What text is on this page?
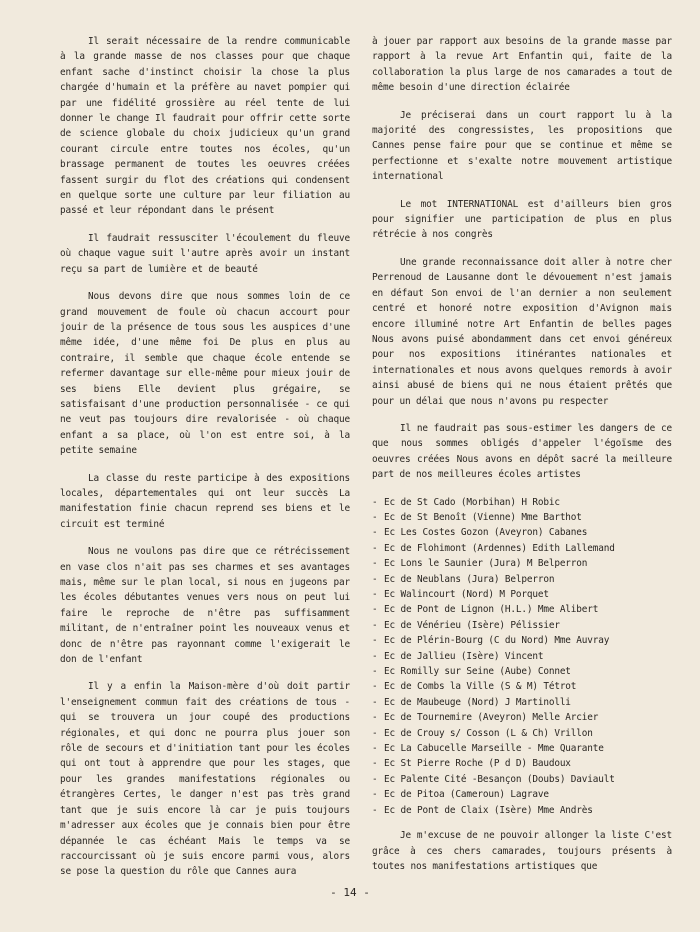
Il serait nécessaire de la rendre communicable à la grande masse de nos classes pour que chaque enfant sache d'instinct choisir la chose la plus chargée d'humain et la préfère au navet pompier qui par une fidélité grossière au réel tente de lui donner le change Il faudrait pour offrir cette sorte de science globale du choix judicieux qu'un grand courant circule entre toutes nos écoles, qu'un brassage permanent de toutes les oeuvres créées fassent surgir du flot des créations qui condensent en quelque sorte une culture par leur filiation au passé et leur répondant dans le présent

Il faudrait ressusciter l'écoulement du fleuve où chaque vague suit l'autre après avoir un instant reçu sa part de lumière et de beauté

Nous devons dire que nous sommes loin de ce grand mouvement de foule où chacun accourt pour jouir de la présence de tous sous les auspices d'une même idée, d'une même foi De plus en plus au contraire, il semble que chaque école entende se refermer davantage sur elle-même pour mieux jouir de ses biens Elle devient plus grégaire, se satisfaisant d'une production personnalisée - ce qui ne veut pas toujours dire revalorisée - où chaque enfant a sa place, où l'on est entre soi, à la petite semaine

La classe du reste participe à des expositions locales, départementales qui ont leur succès La manifestation finie chacun reprend ses biens et le circuit est terminé

Nous ne voulons pas dire que ce rétrécissement en vase clos n'ait pas ses charmes et ses avantages mais, même sur le plan local, si nous en jugeons par les écoles débutantes venues vers nous on peut lui faire le reproche de n'être pas suffisamment militant, de n'entraîner point les nouveaux venus et donc de n'être pas rayonnant comme l'exigerait le don de l'enfant

Il y a enfin la Maison-mère d'où doit partir l'enseignement commun fait des créations de tous - qui se trouvera un jour coupé des productions régionales, et qui donc ne pourra plus jouer son rôle de secours et d'initiation tant pour les écoles qui ont tout à apprendre que pour les stages, que pour les grandes manifestations régionales ou étrangères Certes, le danger n'est pas très grand tant que je suis encore là car je puis toujours m'adresser aux écoles que je connais bien pour être dépannée le cas échéant Mais le temps va se raccourcissant où je suis encore parmi vous, alors se pose la question du rôle que Cannes aura

à jouer par rapport aux besoins de la grande masse par rapport à la revue Art Enfantin qui, faite de la collaboration la plus large de nos camarades a tout de même besoin d'une direction éclairée

Je préciserai dans un court rapport lu à la majorité des congressistes, les propositions que Cannes pense faire pour que se continue et même se perfectionne et s'exalte notre mouvement artistique international

Le mot INTERNATIONAL est d'ailleurs bien gros pour signifier une participation de plus en plus rétrécie à nos congrès

Une grande reconnaissance doit aller à notre cher Perrenoud de Lausanne dont le dévouement n'est jamais en défaut Son envoi de l'an dernier a non seulement centré et honoré notre exposition d'Avignon mais encore illuminé notre Art Enfantin de belles pages Nous avons puisé abondamment dans cet envoi généreux pour nos expositions itinérantes nationales et internationales et nous avons quelques remords à avoir ainsi abusé de biens qui ne nous étaient prêtés que pour un délai que nous n'avons pu respecter

Il ne faudrait pas sous-estimer les dangers de ce que nous sommes obligés d'appeler l'égoïsme des oeuvres créées Nous avons en dépôt sacré la meilleure part de nos meilleures écoles artistes

- Ec de St Cado (Morbihan) H Robic
- Ec de St Benoît (Vienne) Mme Barthot
- Ec Les Costes Gozon (Aveyron) Cabanes
- Ec de Flohimont (Ardennes) Edith Lallemand
- Ec Lons le Saunier (Jura) M Belperron
- Ec de Neublans (Jura) Belperron
- Ec Walincourt (Nord) M Porquet
- Ec de Pont de Lignon (H.L.) Mme Alibert
- Ec de Vénérieu (Isère) Pélissier
- Ec de Plérin-Bourg (C du Nord) Mme Auvray
- Ec de Jallieu (Isère) Vincent
- Ec Romilly sur Seine (Aube) Connet
- Ec de Combs la Ville (S & M) Tétrot
- Ec de Maubeuge (Nord) J Martinolli
- Ec de Tournemire (Aveyron) Melle Arcier
- Ec de Crouy s/ Cosson (L & Ch) Vrillon
- Ec La Cabucelle Marseille - Mme Quarante
- Ec St Pierre Roche (P d D) Baudoux
- Ec Palente Cité -Besançon (Doubs) Daviault
- Ec de Pitoa (Cameroun) Lagrave
- Ec de Pont de Claix (Isère) Mme Andrès

Je m'excuse de ne pouvoir allonger la liste C'est grâce à ces chers camarades, toujours présents à toutes nos manifestations artistiques que

- 14 -
